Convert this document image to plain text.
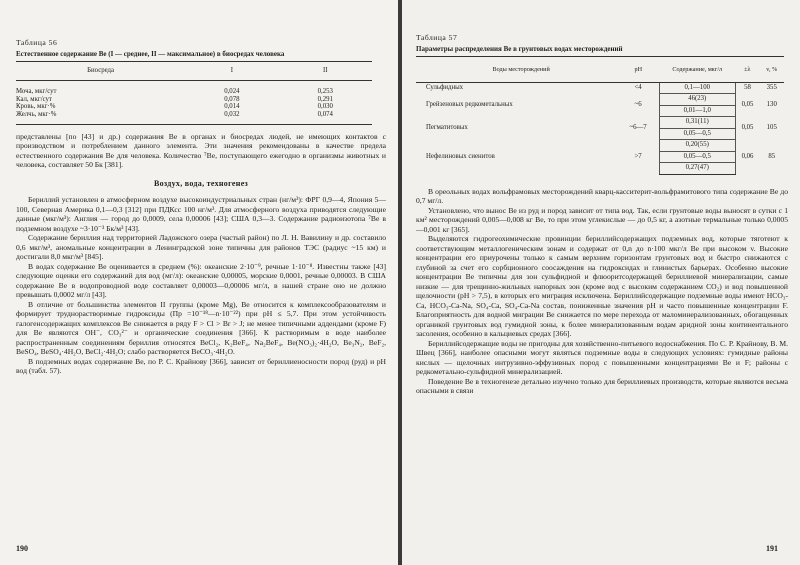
Таблица 56
Естественное содержание Ве (I — среднее, II — максимальное) в биосредах человека
Биосреда	I	II
Моча, мкг/сут	0,024	0,253
Кал, мкг/сут	0,078	0,291
Кровь, мкг·%	0,014	0,030
Желчь, мкг·%	0,032	0,074

представлены [по [43] и др.) содержания Ве в органах и биосредах людей, не имеющих контактов с производством и потреблением данного элемента. Эти значения рекомендованы в качестве предела естественного содержания Ве для человека. Количество ⁷Be, поступающего ежегодно в организмы животных и человека, составляет 50 Бк [381].

Воздух, вода, техногенез

Бериллий установлен в атмосферном воздухе высокоиндустриальных стран (нг/м³): ФРГ 0,9—4, Япония 5—100, Северная Америка 0,1—0,3 [312] при ПДКсс 100 нг/м³. Для атмосферного воздуха приводятся следующие данные (мкг/м³): Англия — город до 0,0009, села 0,00006 [43]; США 0,3—3. Содержание радиоизотопа ⁷Be в подземном воздухе ~3·10⁻³ Бк/м³ [43].

Содержание бериллия над территорией Ладожского озера (частый район) по Л. Н. Вавилину и др. составило 0,6 мкг/м³, аномальные концентрации в Ленинградской зоне типичны для районов ТЭС (радиус ~15 км) и достигали 8,0 мкг/м³ [845].

В водах содержание Ве оценивается в среднем (%): океанские 2·10⁻⁹, речные 1·10⁻⁸. Известны также [43] следующие оценки его содержаний для вод (мг/л): океанские 0,00005, морские 0,0001, речные 0,00003. В США содержание Ве в водопроводной воде составляет 0,00003—0,00006 мг/л, в нашей стране оно не должно превышать 0,0002 мг/л [43].

В отличие от большинства элементов II группы (кроме Mg), Ве относится к комплексообразователям и формирует труднорастворимые гидроксиды (Пр =10⁻¹⁸—n·10⁻²²) при pH ≤ 5,7. При этом устойчивость галогенсодержащих комплексов Ве снижается в ряду F > Cl > Br > J; не менее типичными аддендами (кроме F) для Ве являются OH⁻, CO₃²⁻ и органические соединения [366]. К растворимым в воде наиболее распространенным соединениям бериллия относятся BeCl₂, K₂BeF₄, Na₂BeF₄, Be(NO₃)₂·4H₂O, Be₃N₂, BeF₂, BeSO₄, BeSO₄·4H₂O, BeCl₂·4H₂O; слабо растворяется BeCO₃·4H₂O.

В подземных водах содержание Ве, по Р. С. Крайнову [366], зависит от бериллиеносности пород (руд) и pH вод (табл. 57).

190
Таблица 57
Параметры распределения Ве в грунтовых водах месторождений
Воды месторождений	pH	Содержание, мкг/л	±λ	v, %
Сульфидных	<4	0,1—100	58	355
Грейзеновых редкометальных	~6	46(23)	0,05	130
		0,01—1,0		
Пегматитовых	~6—7	0,31(11)	0,05	105
		0,05—0,5		
Нефелиновых сиенитов	>7	0,20(55)	0,06	85
		0,05—0,5		
		0,27(47)		

В ореольных водах вольфрамовых месторождений кварц-касситерит-вольфрамитового типа содержание Ве до 0,7 мг/л.

Установлено, что вынос Ве из руд и пород зависит от типа вод. Так, если грунтовые воды выносят в сутки с 1 км² месторождений 0,005—0,008 кг Ве, то при этом углекислые — до 0,5 кг, а азотные термальные только 0,0005—0,001 кг [365].

Выделяются гидрогеохимические провинции бериллийсодержащих подземных вод, которые тяготеют к соответствующим металлогеническим зонам и содержат от 0,n до n·100 мкг/л Ве при высоком v. Высокие концентрации его приурочены только к самым верхним горизонтам грунтовых вод и быстро снижаются с глубиной за счет его сорбционного соосаждения на гидроксидах и глинистых барьерах. Особенно высокие концентрации Ве типичны для зон сульфидной и флюоритсодержащей бериллиевой минерализации, самые низкие — для трещинно-жильных напорных зон (кроме вод с высоким содержанием CO₂) и вод повышенной щелочности (pH > 7,5), в которых его миграция исключена. Бериллийсодержащие подземные воды имеют HCO₃-Ca, HCO₃-Ca-Na, SO₄-Ca, SO₄-Ca-Na состав, пониженные значения pH и часто повышенные концентрации F. Благоприятность для водной миграции Ве снижается по мере перехода от маломинерализованных, обогащенных органикой грунтовых вод гумидной зоны, к более минерализованным водам аридной зоны континентального засоления, особенно в кальциевых средах [366].

Бериллийсодержащие воды не пригодны для хозяйственно-питьевого водоснабжения. По С. Р. Крайнову, В. М. Швец [366], наиболее опасными могут являться подземные воды в следующих условиях: гумидные районы кислых — щелочных интрузивно-эффузивных пород с повышенными концентрациями Ве и F; районы с редкометально-сульфидной минерализацией.

Поведение Ве в техногенезе детально изучено только для бериллиевых производств, которые являются весьма опасными в связи

191
